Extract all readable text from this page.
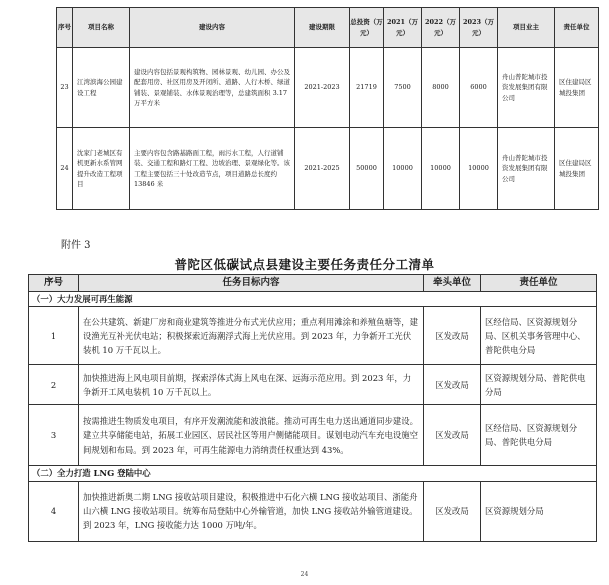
序号	项目名称	建设内容	建设期限	总投资（万元）	2021（万元）	2022（万元）	2023（万元）	项目业主	责任单位
23	江湾滨海公园建设工程	建设内容包括景观构筑物、园林景观、幼儿园、办公及配套用房、社区用房及开闭所、道路、人行木桥、绿道铺装、景观铺装、水体景观治理等，总建筑面积 3.17 万平方米	2021-2023	21719	7500	8000	6000	舟山普陀城市投资发展集团有限公司	区住建局区城投集团
24	沈家门老城区有机更新水系管网提升改造工程项目	主要内容包含路基路面工程，雨污水工程，人行道铺装、交通工程和路灯工程、边坡治理、景观绿化等。该工程主要包括三十处改造节点，项目道路总长度约 13846 米	2021-2025	50000	10000	10000	10000	舟山普陀城市投资发展集团有限公司	区住建局区城投集团
附件 3
普陀区低碳试点县建设主要任务责任分工清单
序号	任务目标内容	牵头单位	责任单位
（一）大力发展可再生能源			
1	在公共建筑、新建厂房和商业建筑等推进分布式光伏应用；重点利用滩涂和养殖鱼塘等，建设渔光互补光伏电站；积极探索近海潮浮式海上光伏应用。到 2023 年，力争新开工光伏装机 10 万千瓦以上。	区发改局	区经信局、区资源规划分局、区机关事务管理中心、普陀供电分局
2	加快推进海上风电项目前期，探索浮体式海上风电在深、远海示范应用。到 2023 年，力争新开工风电装机 10 万千瓦以上。	区发改局	区资源规划分局、普陀供电分局
3	按需推进生物质发电项目，有序开发潮流能和波浪能。推动可再生电力送出通道同步建设。建立共享储能电站，拓展工业园区、居民社区等用户侧储能项目。谋划电动汽车充电设施空间规划和布局。到 2023 年，可再生能源电力消纳责任权重达到 43%。	区发改局	区经信局、区资源规划分局、普陀供电分局
（二）全力打造 LNG 登陆中心			
4	加快推进新奥二期 LNG 接收站项目建设，积极推进中石化六横 LNG 接收站项目、浙能舟山六横 LNG 接收站项目。统筹布局登陆中心外输管道，加快 LNG 接收站外输管道建设。到 2023 年，LNG 接收能力达 1000 万吨/年。	区发改局	区资源规划分局
24
